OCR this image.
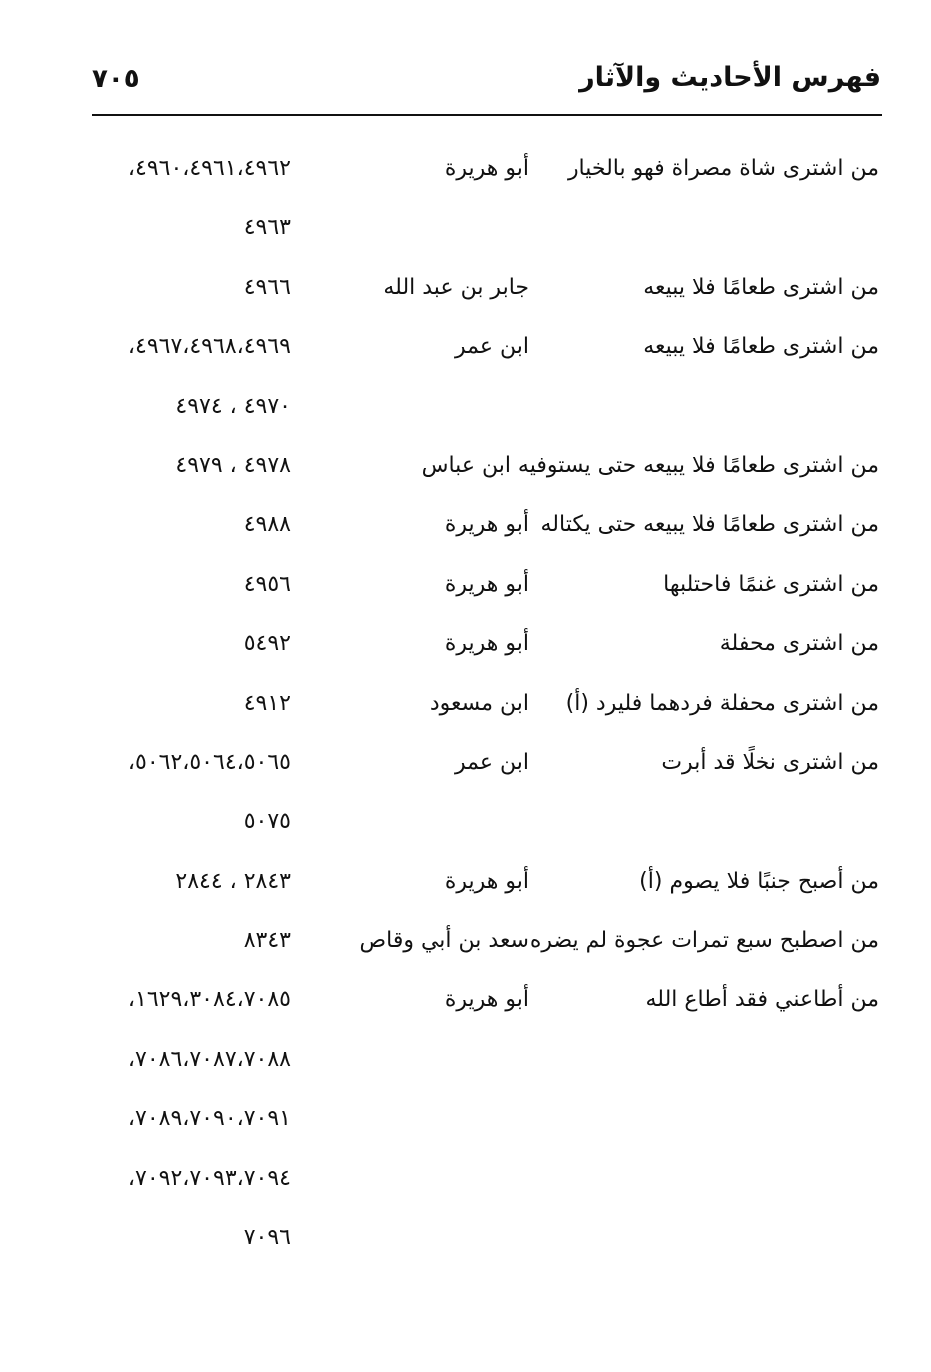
فهرس الأحاديث والآثار
٧٠٥
من اشترى شاة مصراة فهو بالخيار
أبو هريرة
٤٩٦٠،٤٩٦١،٤٩٦٢،
٤٩٦٣
من اشترى طعامًا فلا يبيعه
جابر بن عبد الله
٤٩٦٦
من اشترى طعامًا فلا يبيعه
ابن عمر
٤٩٦٧،٤٩٦٨،٤٩٦٩،
٤٩٧٠ ، ٤٩٧٤
من اشترى طعامًا فلا يبيعه حتى يستوفيه ابن عباس
٤٩٧٨ ، ٤٩٧٩
من اشترى طعامًا فلا يبيعه حتى يكتاله
أبو هريرة
٤٩٨٨
من اشترى غنمًا فاحتلبها
أبو هريرة
٤٩٥٦
من اشترى محفلة
أبو هريرة
٥٤٩٢
من اشترى محفلة فردهما فليرد (أ)
ابن مسعود
٤٩١٢
من اشترى نخلًا قد أبرت
ابن عمر
٥٠٦٢،٥٠٦٤،٥٠٦٥،
٥٠٧٥
من أصبح جنبًا فلا يصوم (أ)
أبو هريرة
٢٨٤٣ ، ٢٨٤٤
من اصطبح سبع تمرات عجوة لم يضره
سعد بن أبي وقاص
٨٣٤٣
من أطاعني فقد أطاع الله
أبو هريرة
١٦٢٩،٣٠٨٤،٧٠٨٥،
٧٠٨٦،٧٠٨٧،٧٠٨٨،
٧٠٨٩،٧٠٩٠،٧٠٩١،
٧٠٩٢،٧٠٩٣،٧٠٩٤،
٧٠٩٦
